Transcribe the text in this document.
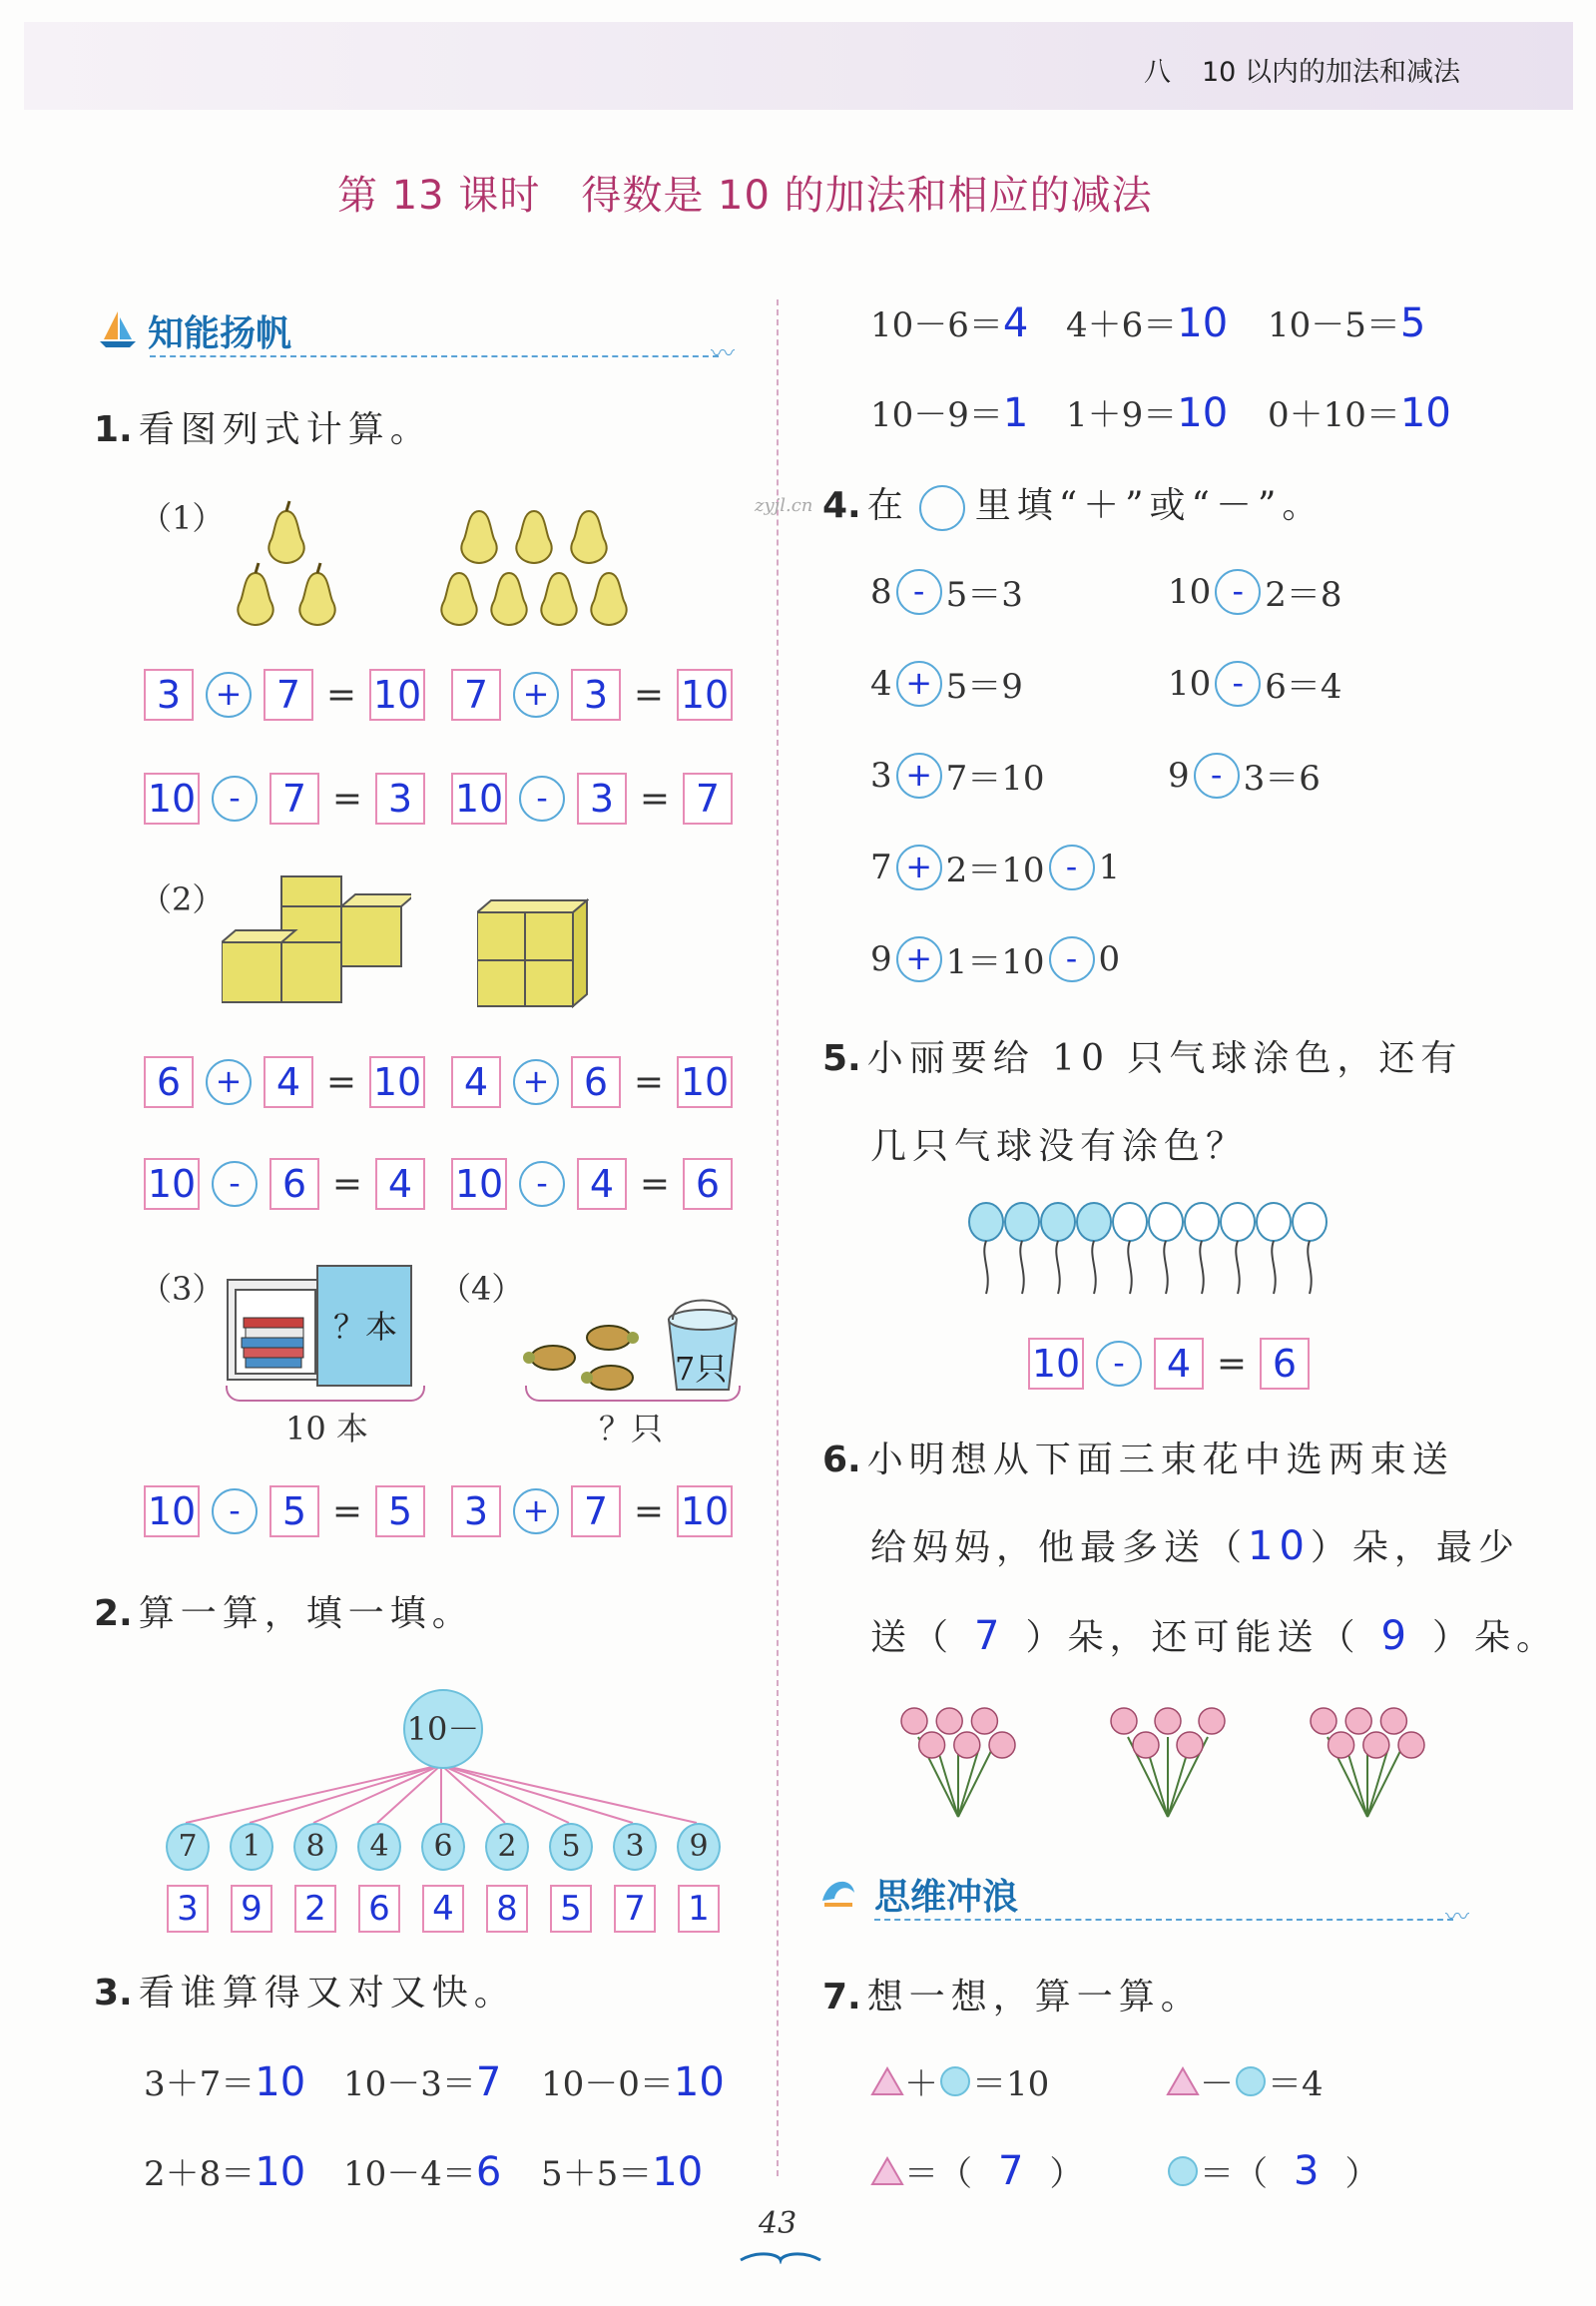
八 10 以内的加法和减法
第 13 课时　得数是 10 的加法和相应的减法
知能扬帆	〰
1. 看图列式计算。
（1）
3	+ 7 = 10	7	+ 3 = 10
10	-	7 = 3	10	-	3 = 7
（2）
6	+ 4 = 10	4	+ 6 = 10
10	-	6 = 4	10	-	4 = 6
（3）	（4）
？本
10 本
7只
？只
10	-	5 = 5	3	+ 7 = 10
2. 算一算，填一填。
10－
7	1	8	4	6	2	5	3	9
3 9 2 6 4 8 5 7 1
3. 看谁算得又对又快。
3＋7＝10 10－3＝7 10－0＝10
2＋8＝10 10－4＝6 5＋5＝10
10－6＝4 4＋6＝10 10－5＝5
10－9＝1 1＋9＝10 0＋10＝10
4. 在 里填“＋”或“－”。
zyjl.cn
8 - 5＝3	10 - 2＝8
4 + 5＝9	10 - 6＝4
3 + 7＝10	9 - 3＝6
7 + 2＝10 - 1
9 + 1＝10 - 0
5. 小丽要给 10 只气球涂色，还有
几只气球没有涂色？
10	-	4 = 6
6. 小明想从下面三束花中选两束送
给妈妈，他最多送（10）朵，最少
送（ 7 ）朵，还可能送（ 9 ）朵。
思维冲浪	〰
7. 想一想，算一算。
＋ ＝10	－ ＝4
＝（ 7 ）	＝（ 3 ）
43
